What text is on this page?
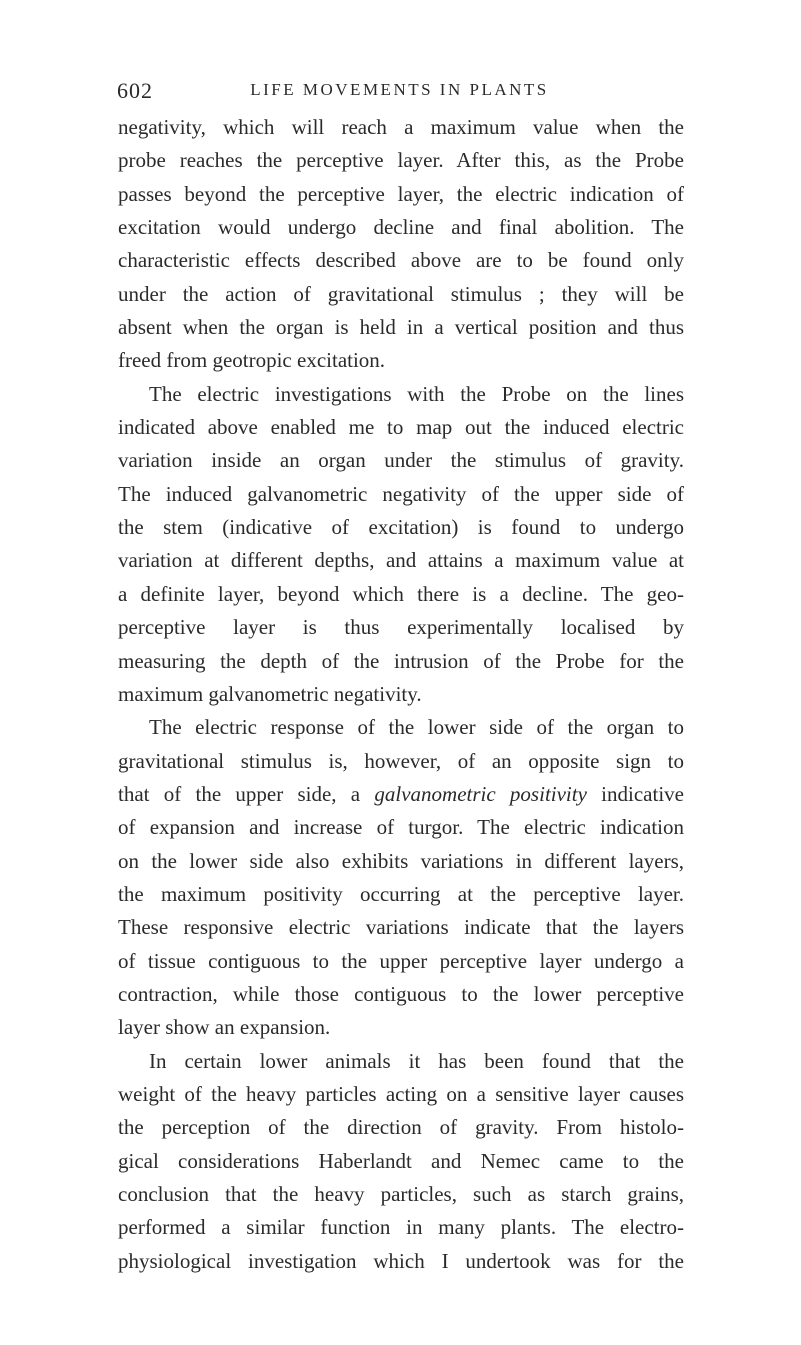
602	LIFE MOVEMENTS IN PLANTS
negativity, which will reach a maximum value when the
probe reaches the perceptive layer. After this, as the Probe
passes beyond the perceptive layer, the electric indication of
excitation would undergo decline and final abolition. The
characteristic effects described above are to be found only
under the action of gravitational stimulus ; they will be
absent when the organ is held in a vertical position and thus
freed from geotropic excitation.
The electric investigations with the Probe on the lines
indicated above enabled me to map out the induced electric
variation inside an organ under the stimulus of gravity.
The induced galvanometric negativity of the upper side of
the stem (indicative of excitation) is found to undergo
variation at different depths, and attains a maximum value at
a definite layer, beyond which there is a decline. The geo-
perceptive layer is thus experimentally localised by
measuring the depth of the intrusion of the Probe for the
maximum galvanometric negativity.
The electric response of the lower side of the organ to
gravitational stimulus is, however, of an opposite sign to
that of the upper side, a galvanometric positivity indicative
of expansion and increase of turgor. The electric indication
on the lower side also exhibits variations in different layers,
the maximum positivity occurring at the perceptive layer.
These responsive electric variations indicate that the layers
of tissue contiguous to the upper perceptive layer undergo a
contraction, while those contiguous to the lower perceptive
layer show an expansion.
In certain lower animals it has been found that the
weight of the heavy particles acting on a sensitive layer causes
the perception of the direction of gravity. From histolo-
gical considerations Haberlandt and Nemec came to the
conclusion that the heavy particles, such as starch grains,
performed a similar function in many plants. The electro-
physiological investigation which I undertook was for the
